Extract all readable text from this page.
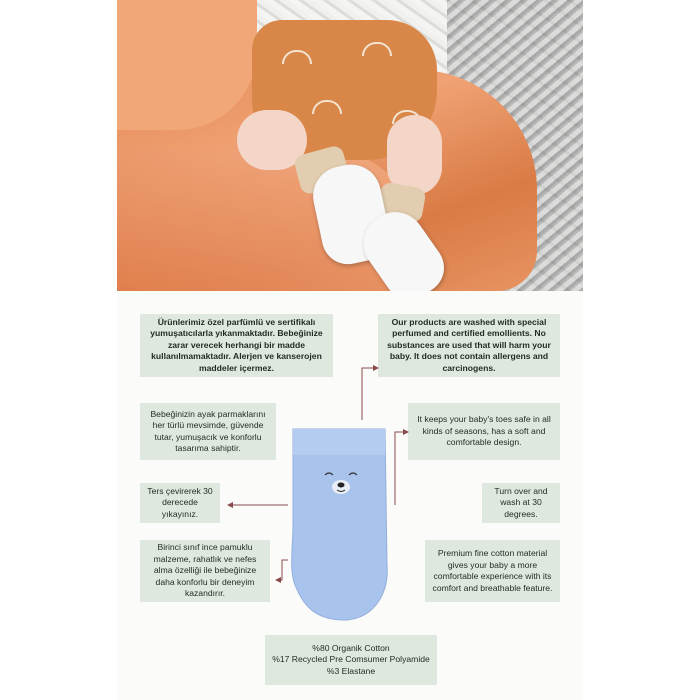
Ürünlerimiz özel parfümlü ve sertifikalı yumuşatıcılarla yıkanmaktadır. Bebeğinize zarar verecek herhangi bir madde kullanılmamaktadır. Alerjen ve kanserojen maddeler içermez.
Our products are washed with special perfumed and certified emollients. No substances are used that will harm your baby. It does not contain allergens and carcinogens.
Bebeğinizin ayak parmaklarını her türlü mevsimde, güvende tutar, yumuşacık ve konforlu tasarıma sahiptir.
It keeps your baby's toes safe in all kinds of seasons, has a soft and comfortable design.
Ters çevirerek 30 derecede yıkayınız.
Turn over and wash at 30 degrees.
Birinci sınıf ince pamuklu malzeme, rahatlık ve nefes alma özelliği ile bebeğinize daha konforlu bir deneyim kazandırır.
Premium fine cotton material gives your baby a more comfortable experience with its comfort and breathable feature.
%80 Organik Cotton
%17 Recycled Pre Comsumer Polyamide
%3 Elastane
